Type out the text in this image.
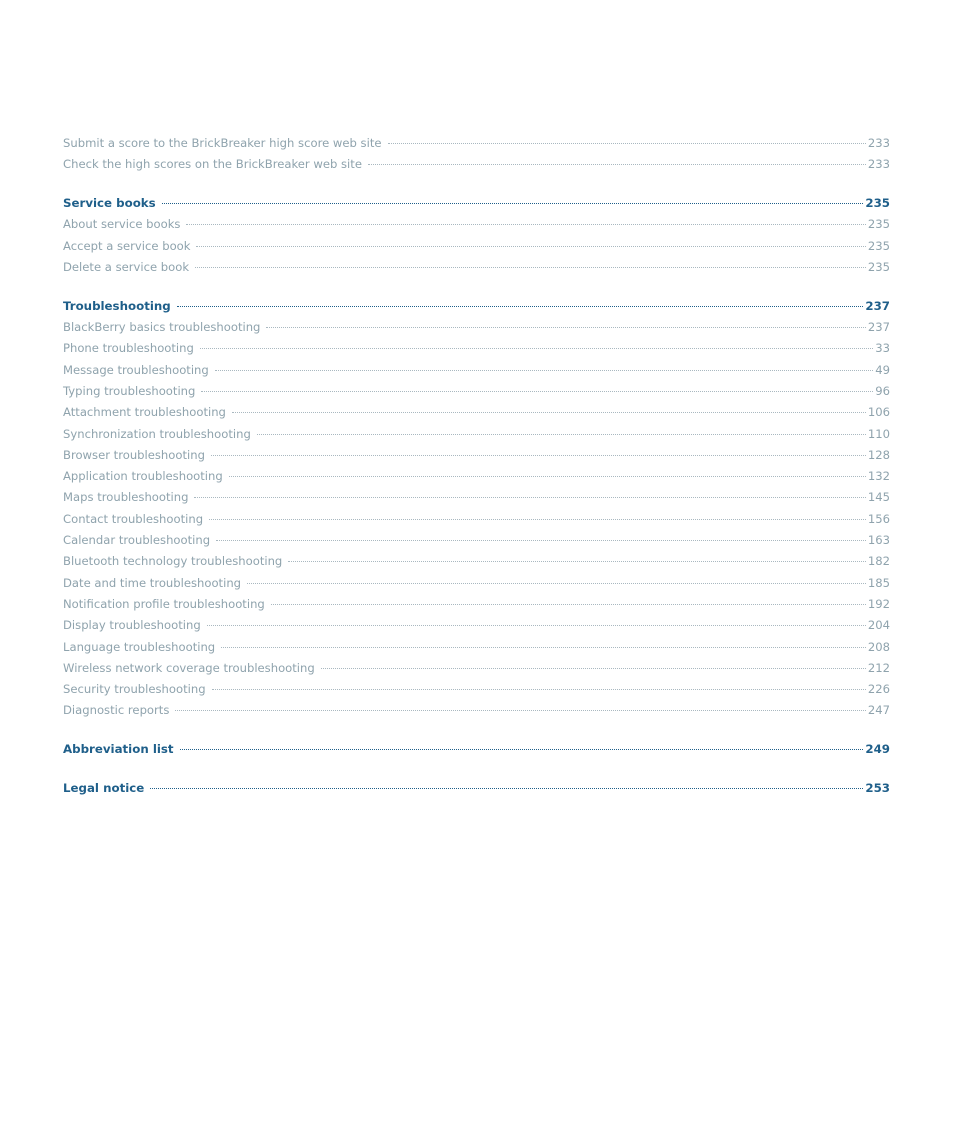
Submit a score to the BrickBreaker high score web site	233
Check the high scores on the BrickBreaker web site	233
Service books	235
About service books	235
Accept a service book	235
Delete a service book	235
Troubleshooting	237
BlackBerry basics troubleshooting	237
Phone troubleshooting	33
Message troubleshooting	49
Typing troubleshooting	96
Attachment troubleshooting	106
Synchronization troubleshooting	110
Browser troubleshooting	128
Application troubleshooting	132
Maps troubleshooting	145
Contact troubleshooting	156
Calendar troubleshooting	163
Bluetooth technology troubleshooting	182
Date and time troubleshooting	185
Notification profile troubleshooting	192
Display troubleshooting	204
Language troubleshooting	208
Wireless network coverage troubleshooting	212
Security troubleshooting	226
Diagnostic reports	247
Abbreviation list	249
Legal notice	253
